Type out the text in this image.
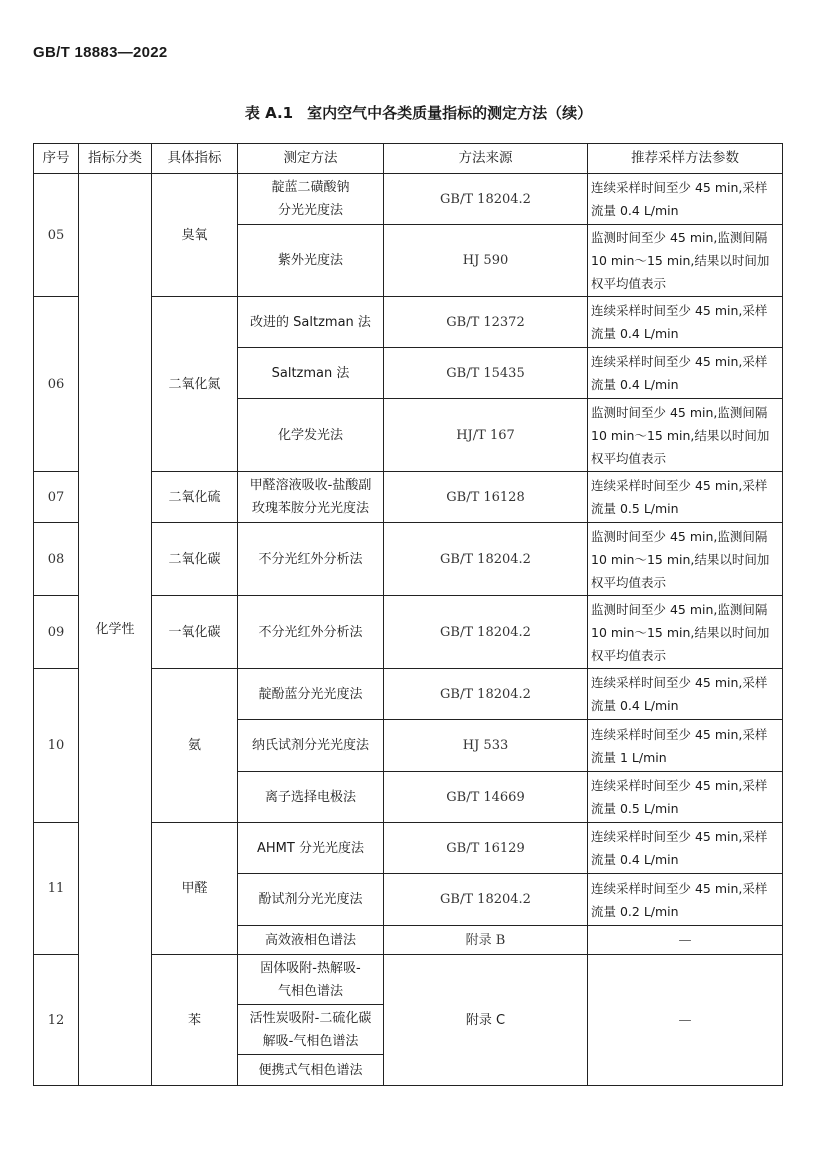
GB/T 18883—2022
表 A.1 室内空气中各类质量指标的测定方法（续）
序号	指标分类	具体指标	测定方法	方法来源	推荐采样方法参数
05	化学性	臭氧	靛蓝二磺酸钠
分光光度法	GB/T 18204.2	连续采样时间至少 45 min,采样流量 0.4 L/min
			紫外光度法	HJ 590	监测时间至少 45 min,监测间隔 10 min～15 min,结果以时间加权平均值表示
06		二氧化氮	改进的 Saltzman 法	GB/T 12372	连续采样时间至少 45 min,采样流量 0.4 L/min
			Saltzman 法	GB/T 15435	连续采样时间至少 45 min,采样流量 0.4 L/min
			化学发光法	HJ/T 167	监测时间至少 45 min,监测间隔 10 min～15 min,结果以时间加权平均值表示
07		二氧化硫	甲醛溶液吸收-盐酸副
玫瑰苯胺分光光度法	GB/T 16128	连续采样时间至少 45 min,采样流量 0.5 L/min
08		二氧化碳	不分光红外分析法	GB/T 18204.2	监测时间至少 45 min,监测间隔 10 min～15 min,结果以时间加权平均值表示
09		一氧化碳	不分光红外分析法	GB/T 18204.2	监测时间至少 45 min,监测间隔 10 min～15 min,结果以时间加权平均值表示
10		氨	靛酚蓝分光光度法	GB/T 18204.2	连续采样时间至少 45 min,采样流量 0.4 L/min
			纳氏试剂分光光度法	HJ 533	连续采样时间至少 45 min,采样流量 1 L/min
			离子选择电极法	GB/T 14669	连续采样时间至少 45 min,采样流量 0.5 L/min
11		甲醛	AHMT 分光光度法	GB/T 16129	连续采样时间至少 45 min,采样流量 0.4 L/min
			酚试剂分光光度法	GB/T 18204.2	连续采样时间至少 45 min,采样流量 0.2 L/min
			高效液相色谱法	附录 B	—
12		苯	固体吸附-热解吸-
气相色谱法	附录 C	—
			活性炭吸附-二硫化碳
解吸-气相色谱法		
			便携式气相色谱法		
